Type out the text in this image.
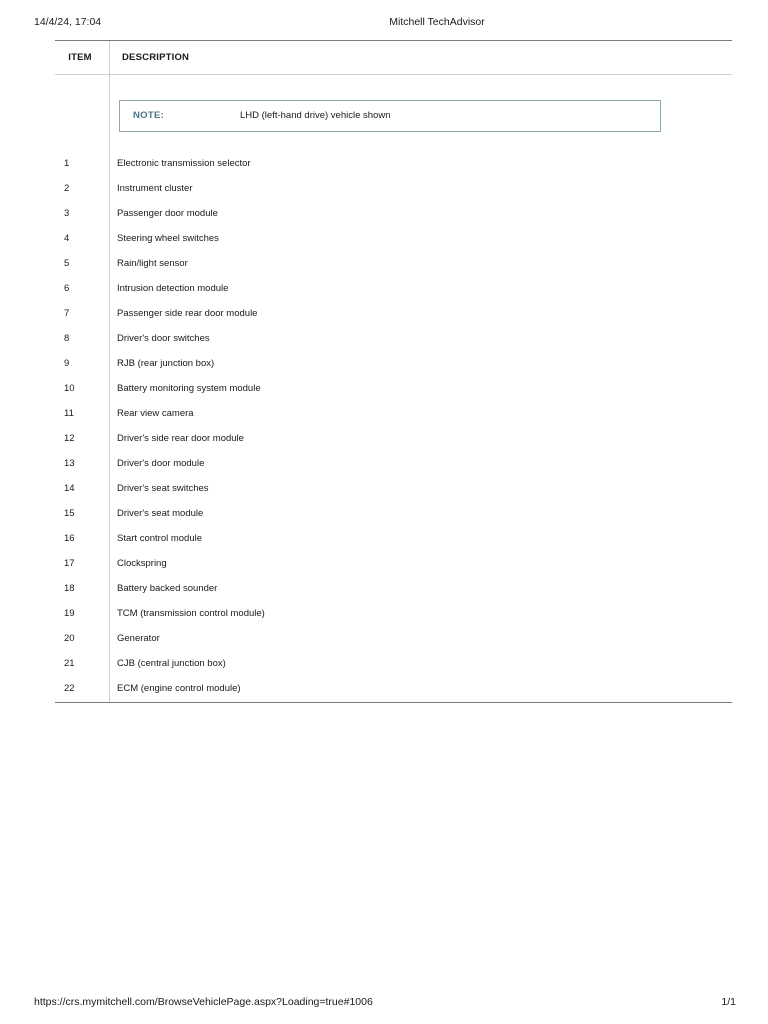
14/4/24, 17:04	Mitchell TechAdvisor
ITEM	DESCRIPTION
NOTE:	LHD (left-hand drive) vehicle shown
1	Electronic transmission selector
2	Instrument cluster
3	Passenger door module
4	Steering wheel switches
5	Rain/light sensor
6	Intrusion detection module
7	Passenger side rear door module
8	Driver's door switches
9	RJB (rear junction box)
10	Battery monitoring system module
11	Rear view camera
12	Driver's side rear door module
13	Driver's door module
14	Driver's seat switches
15	Driver's seat module
16	Start control module
17	Clockspring
18	Battery backed sounder
19	TCM (transmission control module)
20	Generator
21	CJB (central junction box)
22	ECM (engine control module)
https://crs.mymitchell.com/BrowseVehiclePage.aspx?Loading=true#1006	1/1
